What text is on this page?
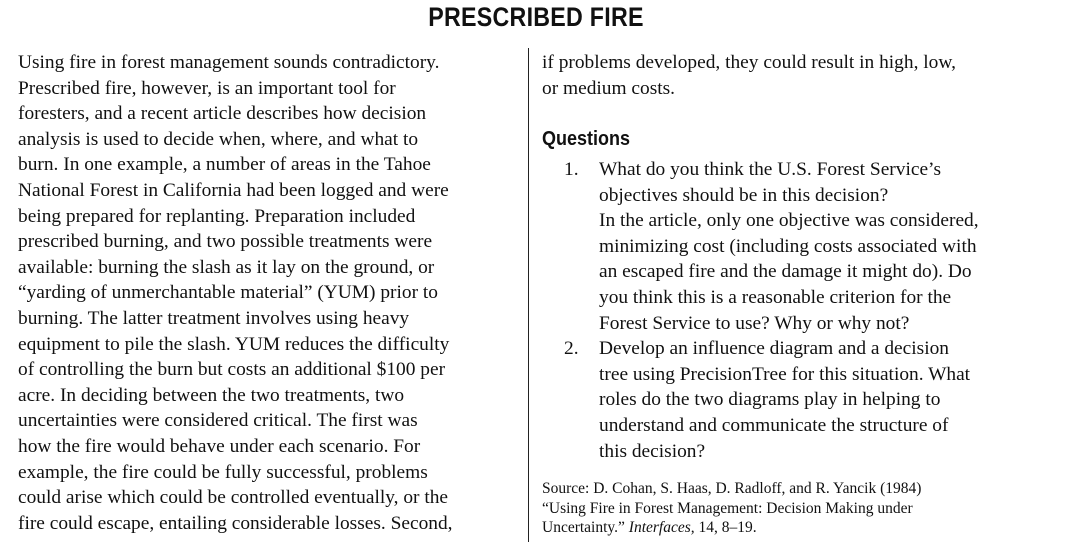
PRESCRIBED FIRE
Using fire in forest management sounds contradictory.
Prescribed fire, however, is an important tool for
foresters, and a recent article describes how decision
analysis is used to decide when, where, and what to
burn. In one example, a number of areas in the Tahoe
National Forest in California had been logged and were
being prepared for replanting. Preparation included
prescribed burning, and two possible treatments were
available: burning the slash as it lay on the ground, or
“yarding of unmerchantable material” (YUM) prior to
burning. The latter treatment involves using heavy
equipment to pile the slash. YUM reduces the difficulty
of controlling the burn but costs an additional $100 per
acre. In deciding between the two treatments, two
uncertainties were considered critical. The first was
how the fire would behave under each scenario. For
example, the fire could be fully successful, problems
could arise which could be controlled eventually, or the
fire could escape, entailing considerable losses. Second,
if problems developed, they could result in high, low,
or medium costs.
Questions
1. What do you think the U.S. Forest Service’s
objectives should be in this decision?
In the article, only one objective was considered,
minimizing cost (including costs associated with
an escaped fire and the damage it might do). Do
you think this is a reasonable criterion for the
Forest Service to use? Why or why not?
2. Develop an influence diagram and a decision
tree using PrecisionTree for this situation. What
roles do the two diagrams play in helping to
understand and communicate the structure of
this decision?
Source: D. Cohan, S. Haas, D. Radloff, and R. Yancik (1984)
“Using Fire in Forest Management: Decision Making under
Uncertainty.” Interfaces, 14, 8–19.
